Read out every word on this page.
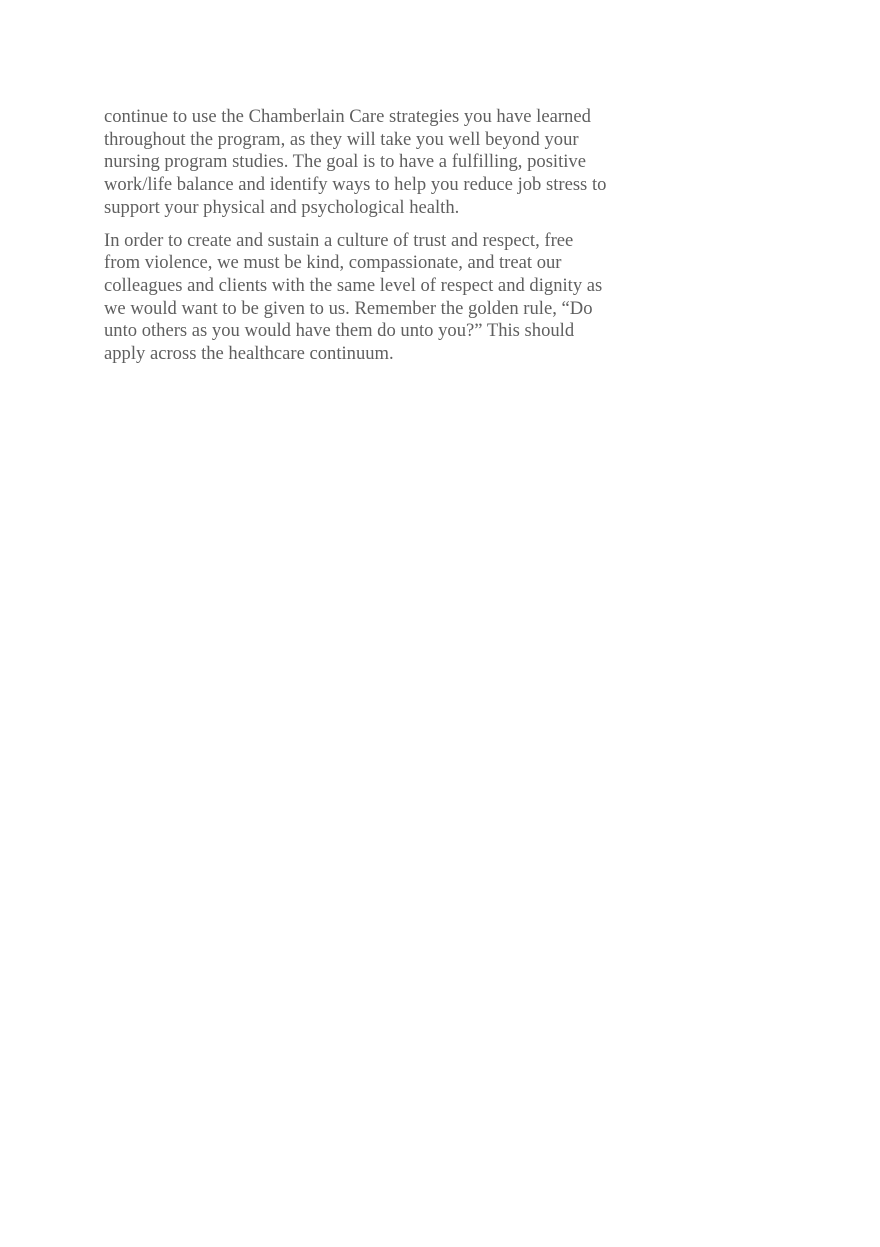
continue to use the Chamberlain Care strategies you have learned
throughout the program, as they will take you well beyond your
nursing program studies. The goal is to have a fulfilling, positive
work/life balance and identify ways to help you reduce job stress to
support your physical and psychological health.

In order to create and sustain a culture of trust and respect, free
from violence, we must be kind, compassionate, and treat our
colleagues and clients with the same level of respect and dignity as
we would want to be given to us. Remember the golden rule, “Do
unto others as you would have them do unto you?” This should
apply across the healthcare continuum.
